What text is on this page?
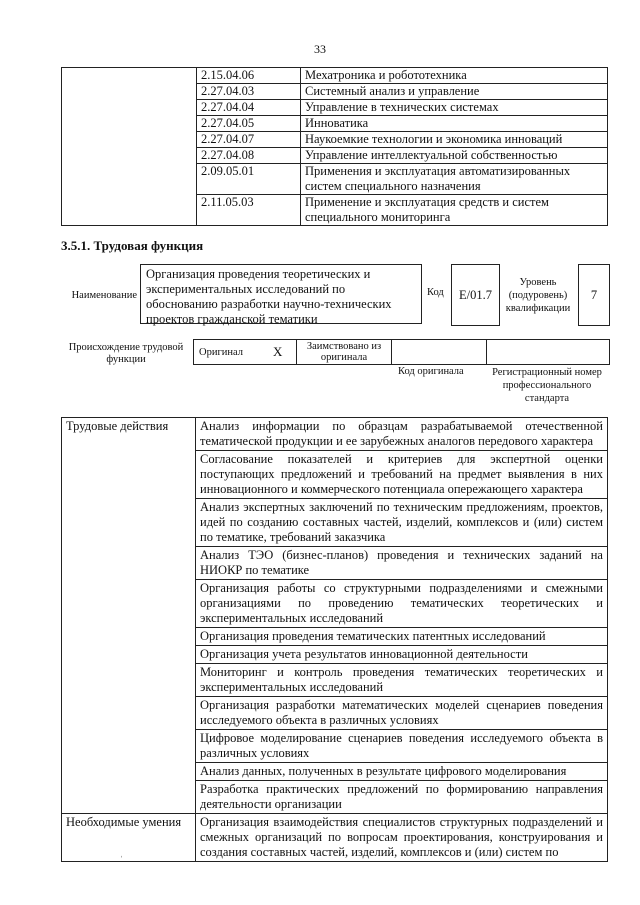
33
	2.15.04.06	Мехатроника и робототехника
	2.27.04.03	Системный анализ и управление
	2.27.04.04	Управление в технических системах
	2.27.04.05	Инноватика
	2.27.04.07	Наукоемкие технологии и экономика инноваций
	2.27.04.08	Управление интеллектуальной собственностью
	2.09.05.01	Применения и эксплуатация автоматизированных систем специального назначения
	2.11.05.03	Применение и эксплуатация средств и систем специального мониторинга
3.5.1. Трудовая функция
Наименование
Организация проведения теоретических и экспериментальных исследований по обоснованию разработки научно-технических проектов гражданской тематики
Код	E/01.7
Уровень (подуровень) квалификации
7
Происхождение трудовой функции
Оригинал	X	Заимствовано из оригинала		
Код оригинала	Регистрационный номер профессионального стандарта
Трудовые действия	Анализ информации по образцам разрабатываемой отечественной тематической продукции и ее зарубежных аналогов передового характера
	Согласование показателей и критериев для экспертной оценки поступающих предложений и требований на предмет выявления в них инновационного и коммерческого потенциала опережающего характера
	Анализ экспертных заключений по техническим предложениям, проектов, идей по созданию составных частей, изделий, комплексов и (или) систем по тематике, требований заказчика
	Анализ ТЭО (бизнес-планов) проведения и технических заданий на НИОКР по тематике
	Организация работы со структурными подразделениями и смежными организациями по проведению тематических теоретических и экспериментальных исследований
	Организация проведения тематических патентных исследований
	Организация учета результатов инновационной деятельности
	Мониторинг и контроль проведения тематических теоретических и экспериментальных исследований
	Организация разработки математических моделей сценариев поведения исследуемого объекта в различных условиях
	Цифровое моделирование сценариев поведения исследуемого объекта в различных условиях
	Анализ данных, полученных в результате цифрового моделирования
	Разработка практических предложений по формированию направления деятельности организации
Необходимые умения	Организация взаимодействия специалистов структурных подразделений и смежных организаций по вопросам проектирования, конструирования и создания составных частей, изделий, комплексов и (или) систем по
ˈ
